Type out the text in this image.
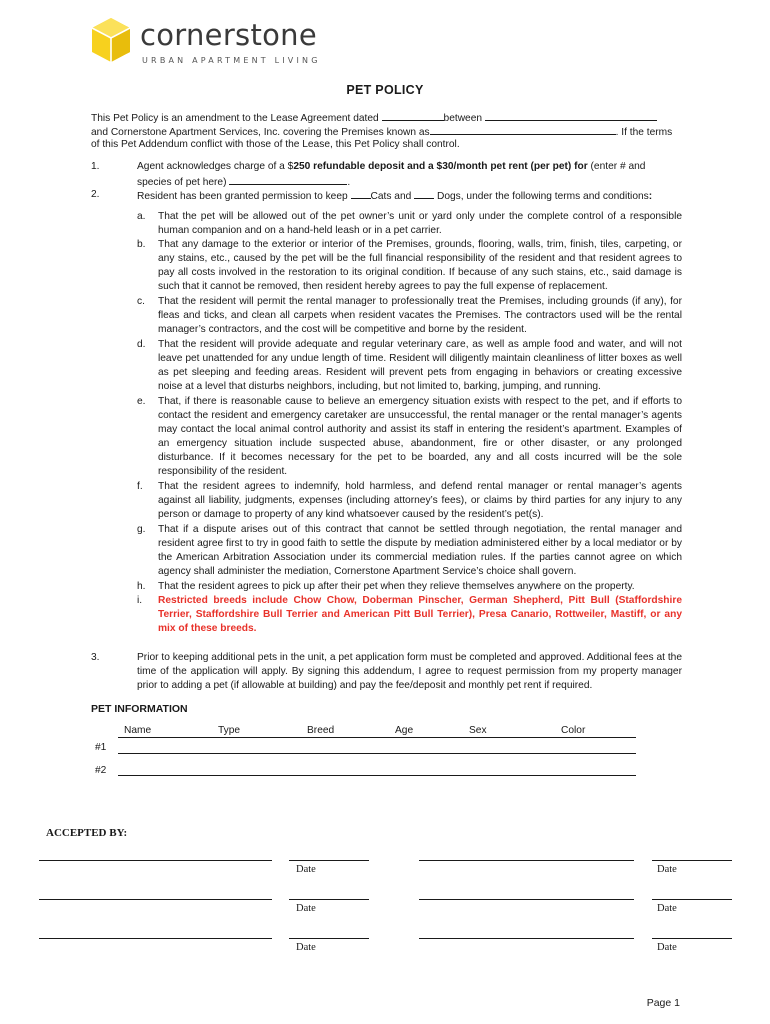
cornerstone
URBAN APARTMENT LIVING
PET POLICY
This Pet Policy is an amendment to the Lease Agreement dated	between
and Cornerstone Apartment Services, Inc. covering the Premises known as	. If the terms
of this Pet Addendum conflict with those of the Lease, this Pet Policy shall control.
1.	Agent acknowledges charge of a $250 refundable deposit and a $30/month pet rent (per pet) for (enter # and
species of pet here)	.
2.	Resident has been granted permission to keep Cats and  Dogs, under the following terms and conditions:
a.	That the pet will be allowed out of the pet owner’s unit or yard only under the complete control of a responsible human companion and on a hand-held leash or in a pet carrier.
b.	That any damage to the exterior or interior of the Premises, grounds, flooring, walls, trim, finish, tiles, carpeting, or any stains, etc., caused by the pet will be the full financial responsibility of the resident and that resident agrees to pay all costs involved in the restoration to its original condition. If because of any such stains, etc., said damage is such that it cannot be removed, then resident hereby agrees to pay the full expense of replacement.
c.	That the resident will permit the rental manager to professionally treat the Premises, including grounds (if any), for fleas and ticks, and clean all carpets when resident vacates the Premises. The contractors used will be the rental manager’s contractors, and the cost will be competitive and borne by the resident.
d.	That the resident will provide adequate and regular veterinary care, as well as ample food and water, and will not leave pet unattended for any undue length of time. Resident will diligently maintain cleanliness of litter boxes as well as pet sleeping and feeding areas. Resident will prevent pets from engaging in behaviors or creating excessive noise at a level that disturbs neighbors, including, but not limited to, barking, jumping, and running.
e.	That, if there is reasonable cause to believe an emergency situation exists with respect to the pet, and if efforts to contact the resident and emergency caretaker are unsuccessful, the rental manager or the rental manager’s agents may contact the local animal control authority and assist its staff in entering the resident’s apartment. Examples of an emergency situation include suspected abuse, abandonment, fire or other disaster, or any prolonged disturbance. If it becomes necessary for the pet to be boarded, any and all costs incurred will be the sole responsibility of the resident.
f.	That the resident agrees to indemnify, hold harmless, and defend rental manager or rental manager’s agents against all liability, judgments, expenses (including attorney’s fees), or claims by third parties for any injury to any person or damage to property of any kind whatsoever caused by the resident’s pet(s).
g.	That if a dispute arises out of this contract that cannot be settled through negotiation, the rental manager and resident agree first to try in good faith to settle the dispute by mediation administered either by a local mediator or by the American Arbitration Association under its commercial mediation rules. If the parties cannot agree on which agency shall administer the mediation, Cornerstone Apartment Service’s choice shall govern.
h.	That the resident agrees to pick up after their pet when they relieve themselves anywhere on the property.
i.	Restricted breeds include Chow Chow, Doberman Pinscher, German Shepherd, Pitt Bull (Staffordshire Terrier, Staffordshire Bull Terrier and American Pitt Bull Terrier), Presa Canario, Rottweiler, Mastiff, or any mix of these breeds.
3.	Prior to keeping additional pets in the unit, a pet application form must be completed and approved. Additional fees at the time of the application will apply. By signing this addendum, I agree to request permission from my property manager prior to adding a pet (if allowable at building) and pay the fee/deposit and monthly pet rent if required.
PET INFORMATION
Name	Type	Breed	Age	Sex	Color
#1
#2
ACCEPTED BY:
Date	Date
Date	Date
Date	Date
Page 1
